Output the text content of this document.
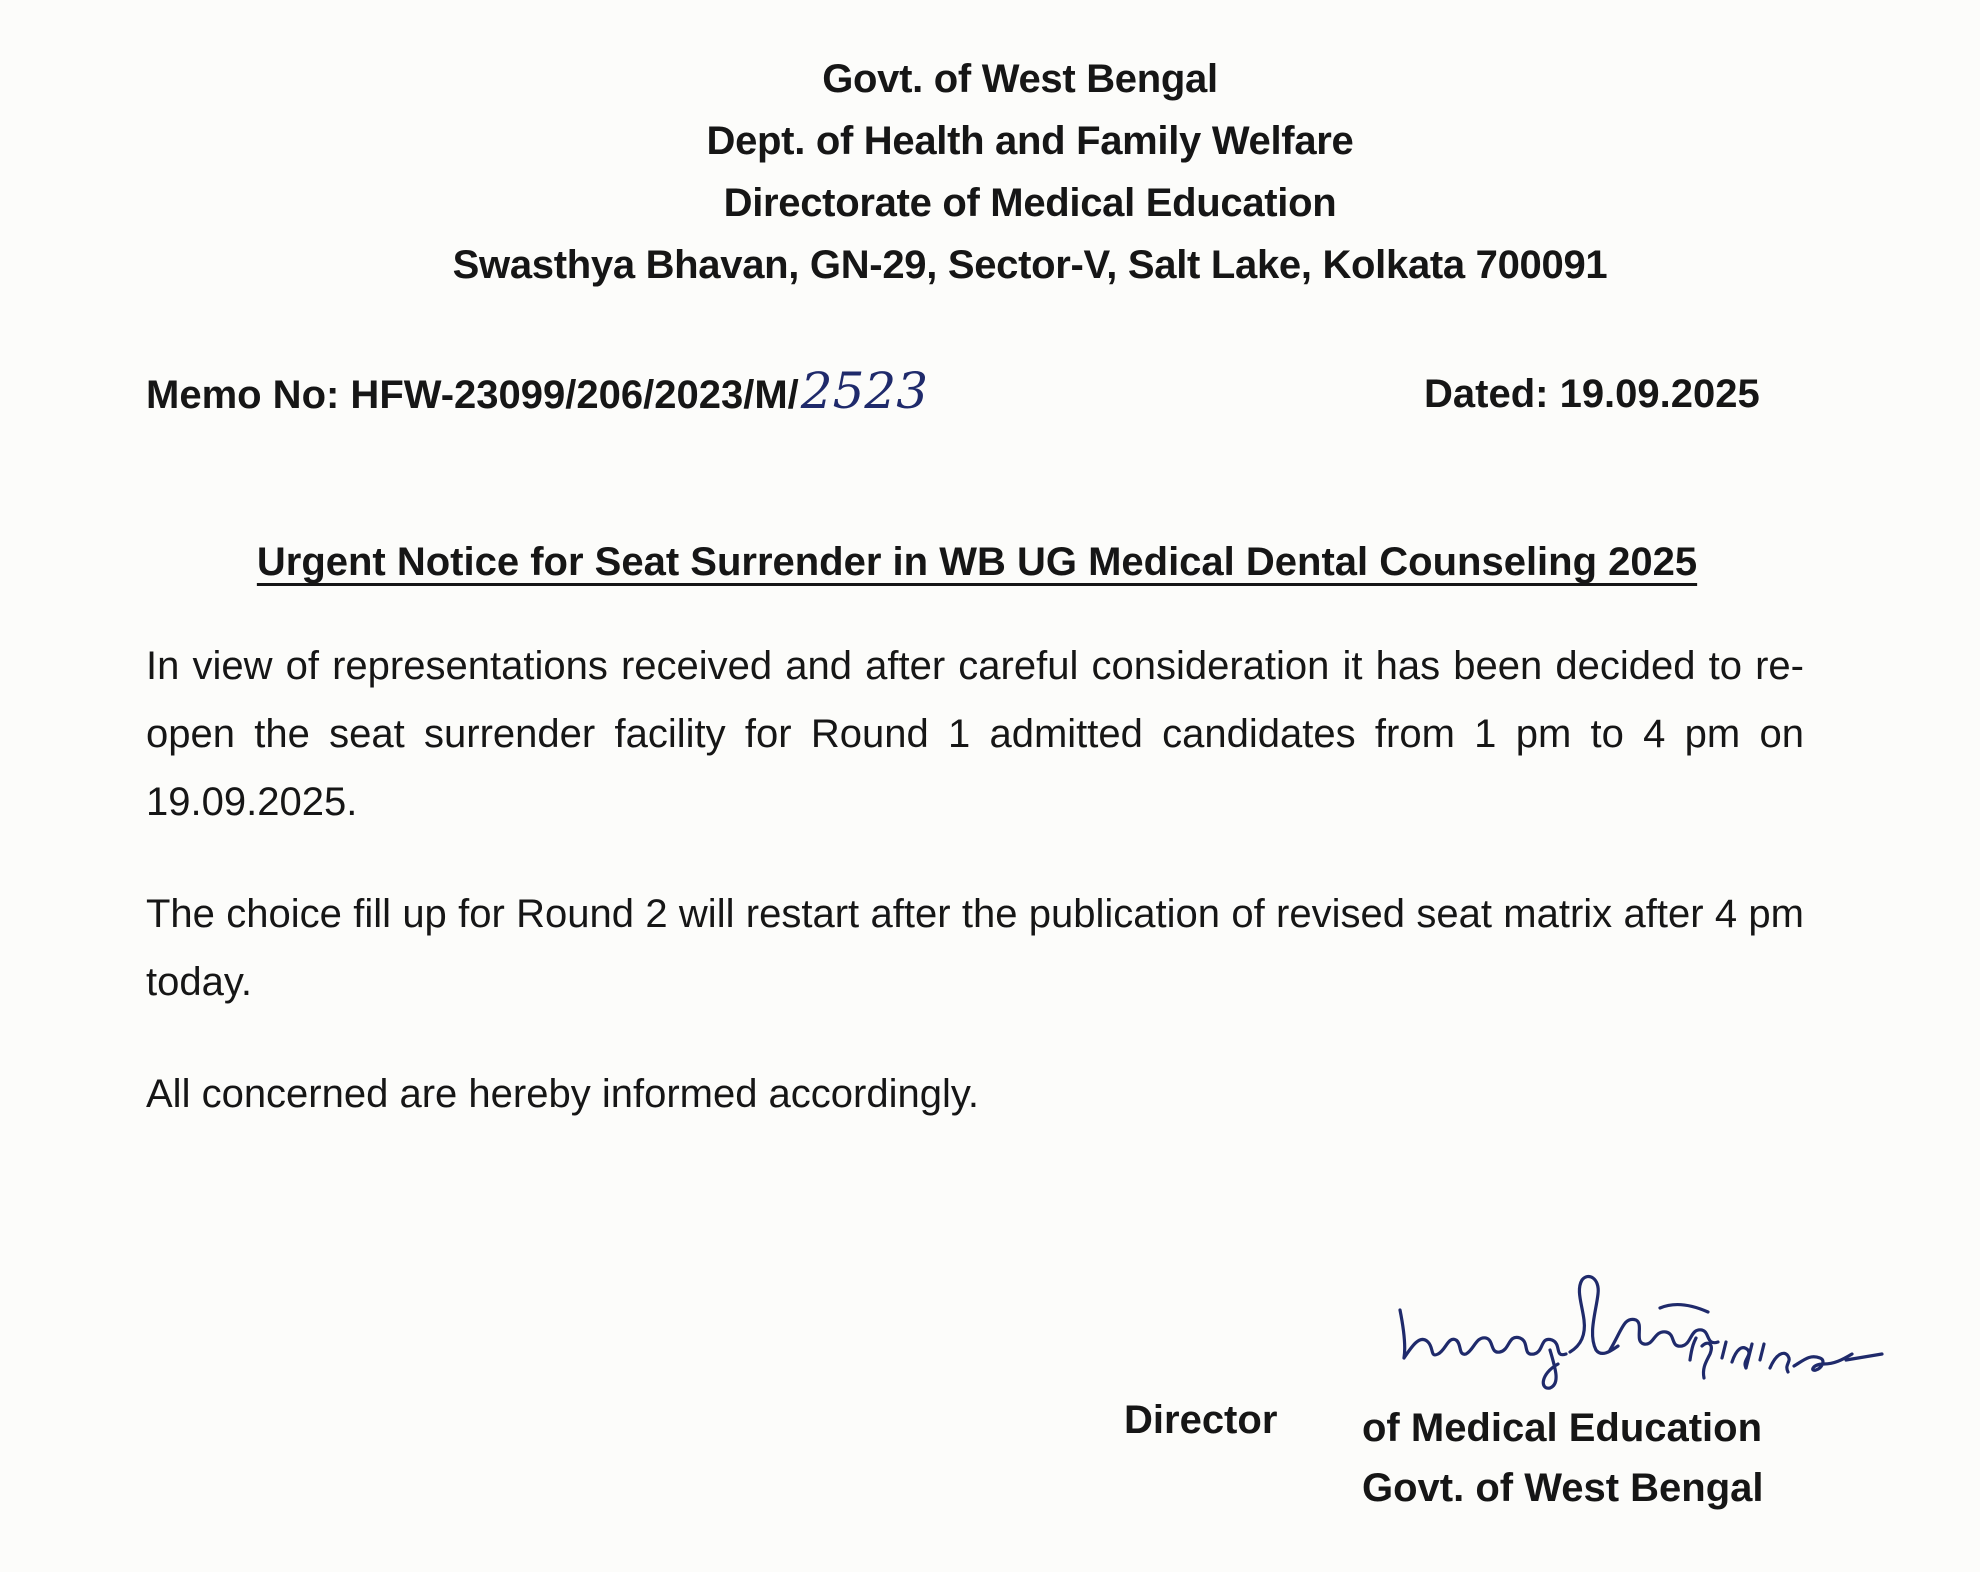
Govt. of West Bengal
Dept. of Health and Family Welfare
Directorate of Medical Education
Swasthya Bhavan, GN-29, Sector-V, Salt Lake, Kolkata 700091
Memo No: HFW-23099/206/2023/M/2523	Dated: 19.09.2025
Urgent Notice for Seat Surrender in WB UG Medical Dental Counseling 2025
In view of representations received and after careful consideration it has been decided to re-open the seat surrender facility for Round 1 admitted candidates from 1 pm to 4 pm on 19.09.2025.
The choice fill up for Round 2 will restart after the publication of revised seat matrix after 4 pm today.
All concerned are hereby informed accordingly.
Director of Medical Education
Govt. of West Bengal
